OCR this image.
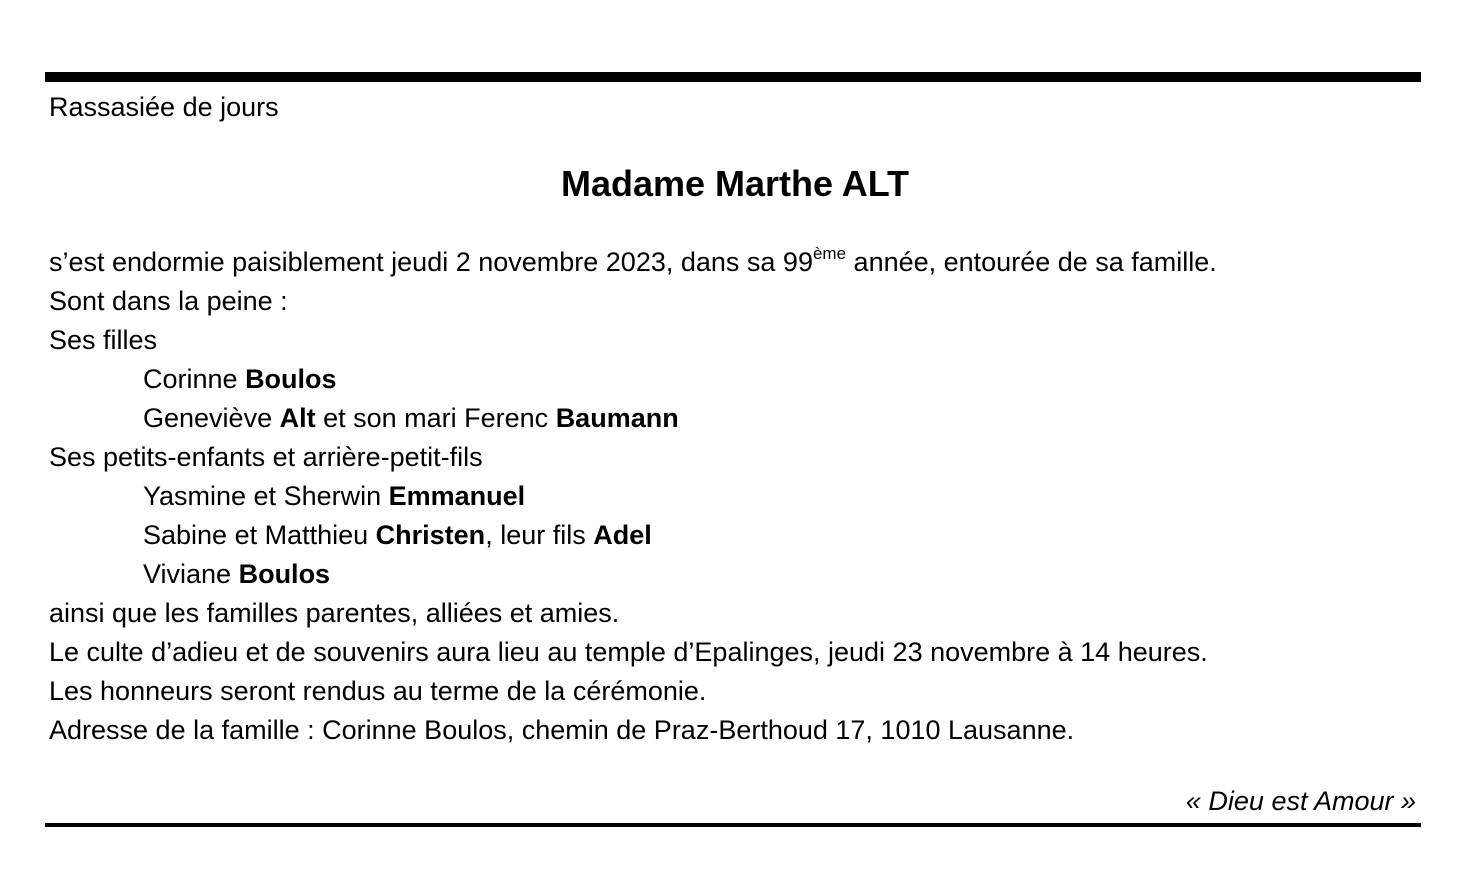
Rassasiée de jours
Madame Marthe ALT
s’est endormie paisiblement jeudi 2 novembre 2023, dans sa 99ème année, entourée de sa famille.
Sont dans la peine :
Ses filles
Corinne Boulos
Geneviève Alt et son mari Ferenc Baumann
Ses petits-enfants et arrière-petit-fils
Yasmine et Sherwin Emmanuel
Sabine et Matthieu Christen, leur fils Adel
Viviane Boulos
ainsi que les familles parentes, alliées et amies.
Le culte d’adieu et de souvenirs aura lieu au temple d’Epalinges, jeudi 23 novembre à 14 heures.
Les honneurs seront rendus au terme de la cérémonie.
Adresse de la famille : Corinne Boulos, chemin de Praz-Berthoud 17, 1010 Lausanne.
« Dieu est Amour »
